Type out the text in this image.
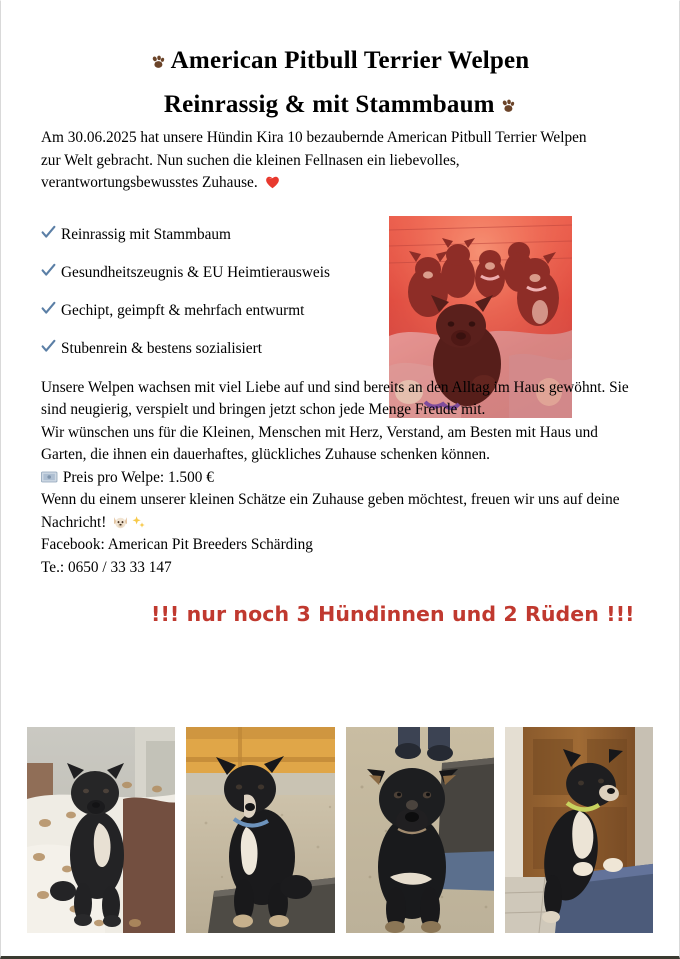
American Pitbull Terrier Welpen
Reinrassig & mit Stammbaum

Am 30.06.2025 hat unsere Hündin Kira 10 bezaubernde American Pitbull Terrier Welpen zur Welt gebracht. Nun suchen die kleinen Fellnasen ein liebevolles, verantwortungsbewusstes Zuhause.

Reinrassig mit Stammbaum
Gesundheitszeugnis & EU Heimtierausweis
Gechipt, geimpft & mehrfach entwurmt
Stubenrein & bestens sozialisiert

Unsere Welpen wachsen mit viel Liebe auf und sind bereits an den Alltag im Haus gewöhnt. Sie sind neugierig, verspielt und bringen jetzt schon jede Menge Freude mit.

Wir wünschen uns für die Kleinen, Menschen mit Herz, Verstand, am Besten mit Haus und Garten, die ihnen ein dauerhaftes, glückliches Zuhause schenken können.

Preis pro Welpe: 1.500 €

Wenn du einem unserer kleinen Schätze ein Zuhause geben möchtest, freuen wir uns auf deine Nachricht!

Facebook: American Pit Breeders Schärding

Te.: 0650 / 33 33 147

!!! nur noch 3 Hündinnen und 2 Rüden !!!
